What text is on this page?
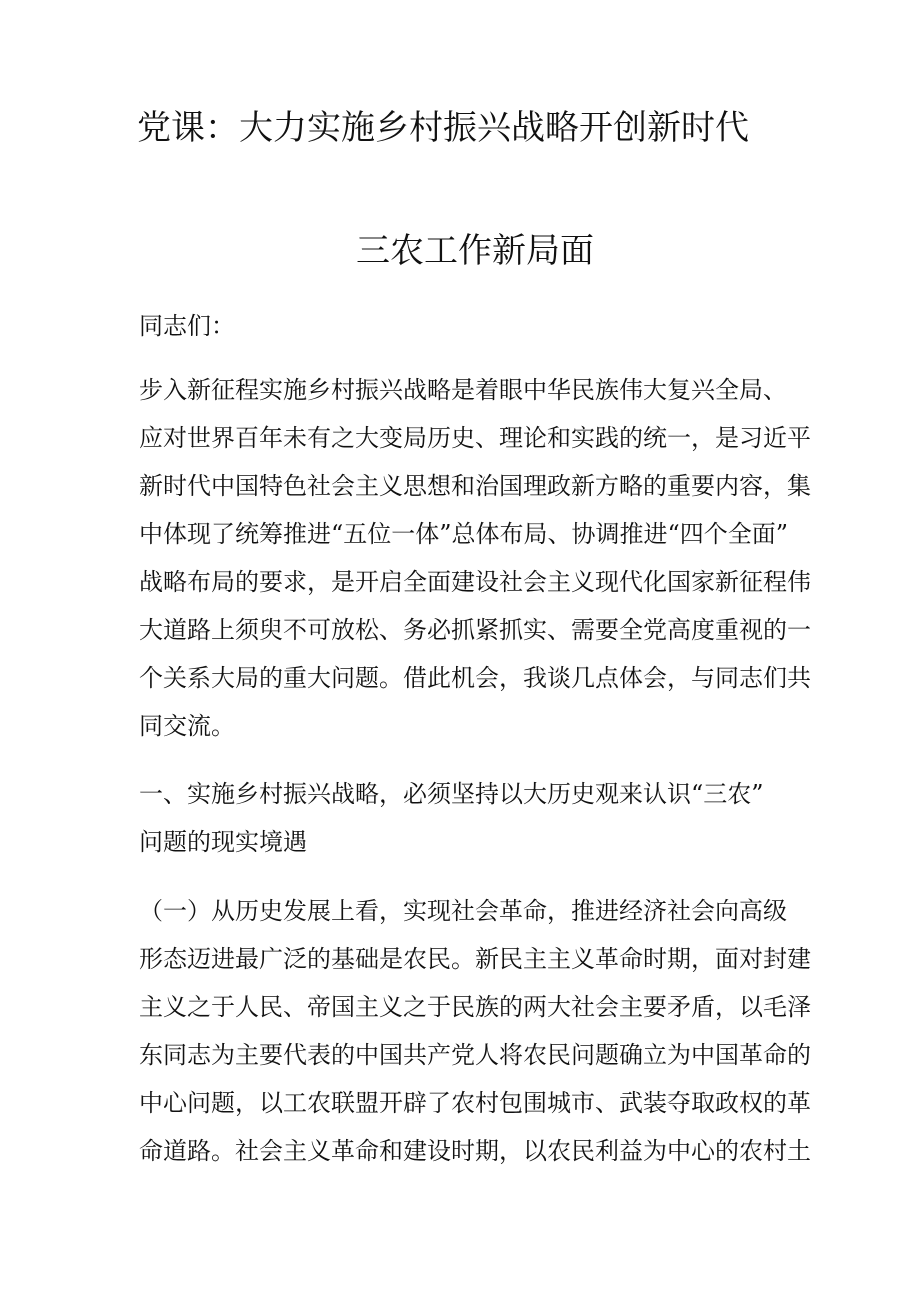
党课：大力实施乡村振兴战略开创新时代
三农工作新局面
同志们：
步入新征程实施乡村振兴战略是着眼中华民族伟大复兴全局、
应对世界百年未有之大变局历史、理论和实践的统一，是习近平
新时代中国特色社会主义思想和治国理政新方略的重要内容，集
中体现了统筹推进“五位一体”总体布局、协调推进“四个全面”
战略布局的要求，是开启全面建设社会主义现代化国家新征程伟
大道路上须臾不可放松、务必抓紧抓实、需要全党高度重视的一
个关系大局的重大问题。借此机会，我谈几点体会，与同志们共
同交流。
一、实施乡村振兴战略，必须坚持以大历史观来认识“三农”
问题的现实境遇
（一）从历史发展上看，实现社会革命，推进经济社会向高级
形态迈进最广泛的基础是农民。新民主主义革命时期，面对封建
主义之于人民、帝国主义之于民族的两大社会主要矛盾，以毛泽
东同志为主要代表的中国共产党人将农民问题确立为中国革命的
中心问题，以工农联盟开辟了农村包围城市、武装夺取政权的革
命道路。社会主义革命和建设时期，以农民利益为中心的农村土
